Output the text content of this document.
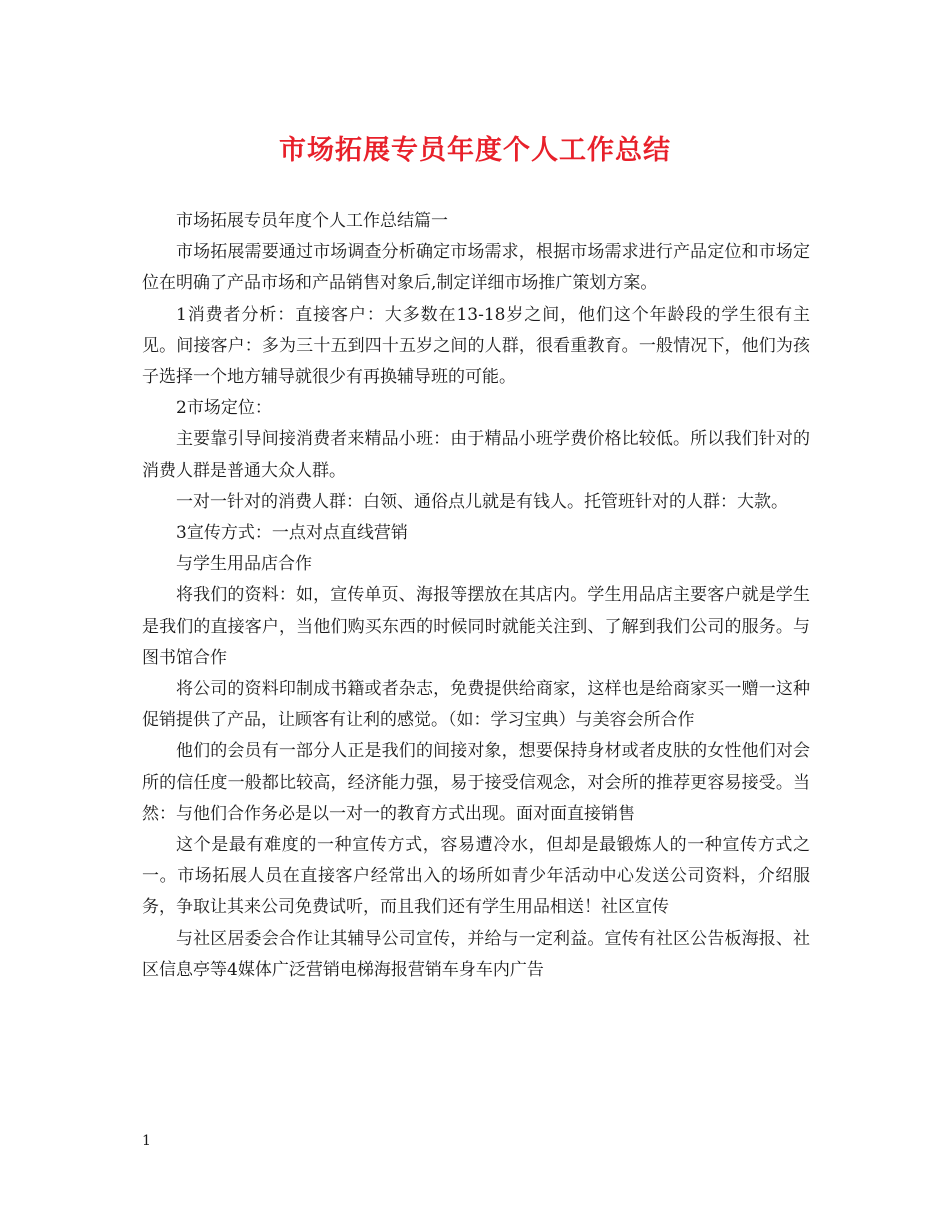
市场拓展专员年度个人工作总结

市场拓展专员年度个人工作总结篇一

市场拓展需要通过市场调查分析确定市场需求，根据市场需求进行产品定位和市场定位在明确了产品市场和产品销售对象后,制定详细市场推广策划方案。

1消费者分析：直接客户：大多数在13-18岁之间，他们这个年龄段的学生很有主见。间接客户：多为三十五到四十五岁之间的人群，很看重教育。一般情况下，他们为孩子选择一个地方辅导就很少有再换辅导班的可能。

2市场定位：

主要靠引导间接消费者来精品小班：由于精品小班学费价格比较低。所以我们针对的消费人群是普通大众人群。

一对一针对的消费人群：白领、通俗点儿就是有钱人。托管班针对的人群：大款。

3宣传方式：一点对点直线营销

与学生用品店合作

将我们的资料：如，宣传单页、海报等摆放在其店内。学生用品店主要客户就是学生是我们的直接客户，当他们购买东西的时候同时就能关注到、了解到我们公司的服务。与图书馆合作

将公司的资料印制成书籍或者杂志，免费提供给商家，这样也是给商家买一赠一这种促销提供了产品，让顾客有让利的感觉。（如：学习宝典）与美容会所合作

他们的会员有一部分人正是我们的间接对象，想要保持身材或者皮肤的女性他们对会所的信任度一般都比较高，经济能力强，易于接受信观念，对会所的推荐更容易接受。当然：与他们合作务必是以一对一的教育方式出现。面对面直接销售

这个是最有难度的一种宣传方式，容易遭冷水，但却是最锻炼人的一种宣传方式之一。市场拓展人员在直接客户经常出入的场所如青少年活动中心发送公司资料，介绍服务，争取让其来公司免费试听，而且我们还有学生用品相送！社区宣传

与社区居委会合作让其辅导公司宣传，并给与一定利益。宣传有社区公告板海报、社区信息亭等4媒体广泛营销电梯海报营销车身车内广告

1
